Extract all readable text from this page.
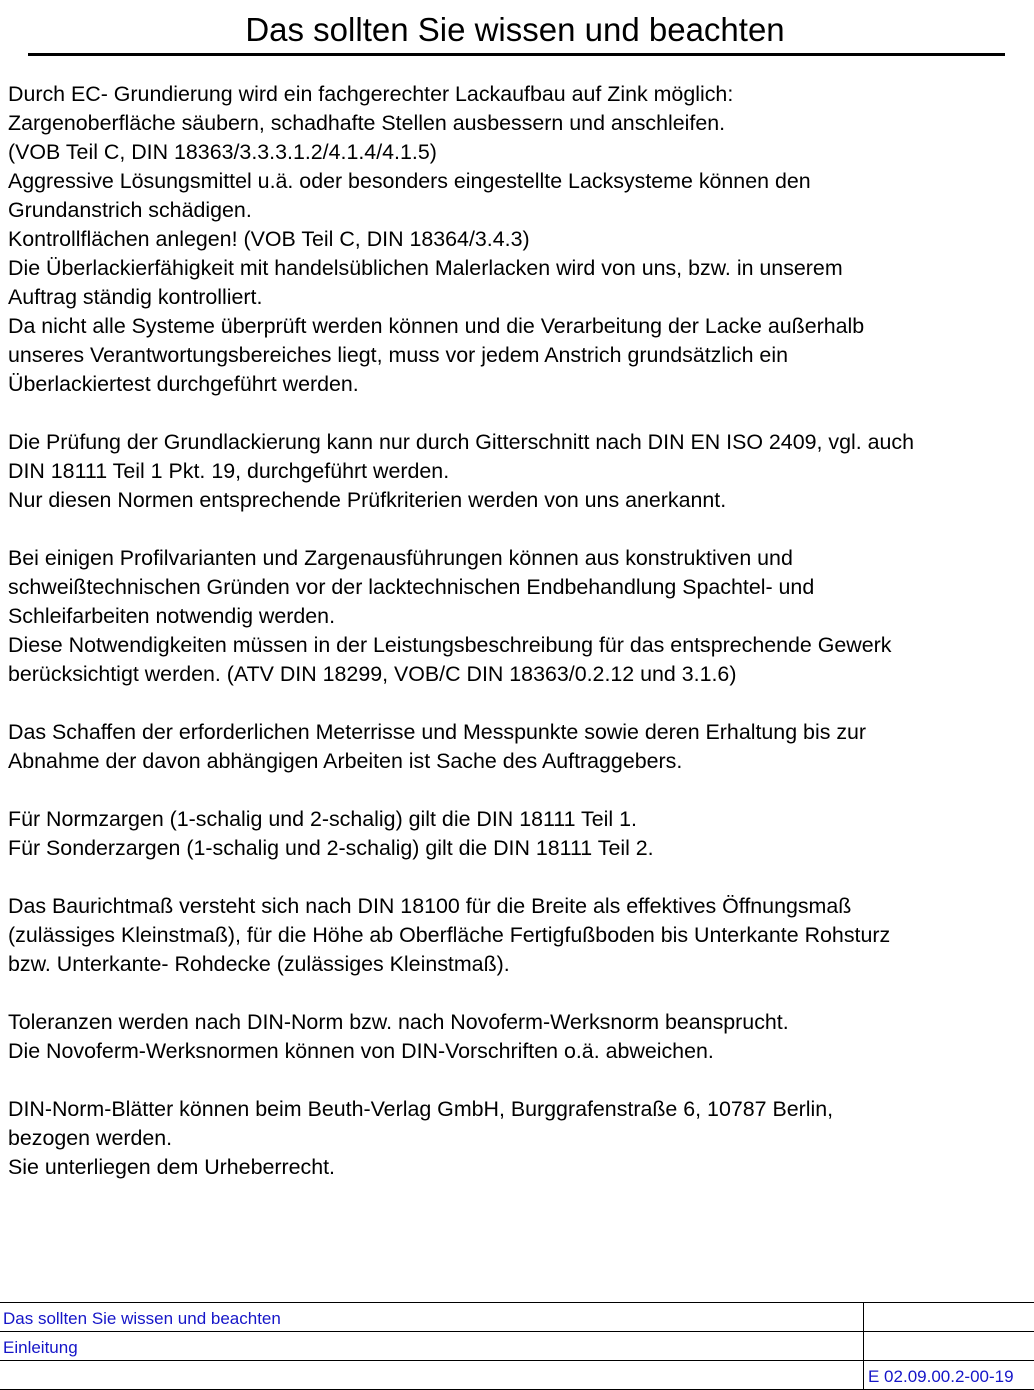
Das sollten Sie wissen und beachten
Durch EC- Grundierung wird ein fachgerechter Lackaufbau auf Zink möglich:
Zargenoberfläche säubern, schadhafte Stellen ausbessern und anschleifen.
(VOB Teil C, DIN 18363/3.3.3.1.2/4.1.4/4.1.5)
Aggressive Lösungsmittel u.ä. oder besonders eingestellte Lacksysteme können den
Grundanstrich schädigen.
Kontrollflächen anlegen! (VOB Teil C, DIN 18364/3.4.3)
Die Überlackierfähigkeit mit handelsüblichen Malerlacken wird von uns, bzw. in unserem
Auftrag ständig kontrolliert.
Da nicht alle Systeme überprüft werden können und die Verarbeitung der Lacke außerhalb
unseres Verantwortungsbereiches liegt, muss vor jedem Anstrich grundsätzlich ein
Überlackiertest durchgeführt werden.
Die Prüfung der Grundlackierung kann nur durch Gitterschnitt nach DIN EN ISO 2409, vgl. auch
DIN 18111 Teil 1 Pkt. 19, durchgeführt werden.
Nur diesen Normen entsprechende Prüfkriterien werden von uns anerkannt.
Bei einigen Profilvarianten und Zargenausführungen können aus konstruktiven und
schweißtechnischen Gründen vor der lacktechnischen Endbehandlung Spachtel- und
Schleifarbeiten notwendig werden.
Diese Notwendigkeiten müssen in der Leistungsbeschreibung für das entsprechende Gewerk
berücksichtigt werden. (ATV DIN 18299, VOB/C DIN 18363/0.2.12 und 3.1.6)
Das Schaffen der erforderlichen Meterrisse und Messpunkte sowie deren Erhaltung bis zur
Abnahme der davon abhängigen Arbeiten ist Sache des Auftraggebers.
Für Normzargen (1-schalig und 2-schalig) gilt die DIN 18111 Teil 1.
Für Sonderzargen (1-schalig und 2-schalig) gilt die DIN 18111 Teil 2.
Das Baurichtmaß versteht sich nach DIN 18100 für die Breite als effektives Öffnungsmaß
(zulässiges Kleinstmaß), für die Höhe ab Oberfläche Fertigfußboden bis Unterkante Rohsturz
bzw. Unterkante- Rohdecke (zulässiges Kleinstmaß).
Toleranzen werden nach DIN-Norm bzw. nach Novoferm-Werksnorm beansprucht.
Die Novoferm-Werksnormen können von DIN-Vorschriften o.ä. abweichen.
DIN-Norm-Blätter können beim Beuth-Verlag GmbH, Burggrafenstraße 6, 10787 Berlin,
bezogen werden.
Sie unterliegen dem Urheberrecht.
Das sollten Sie wissen und beachten
Einleitung
E 02.09.00.2-00-19
